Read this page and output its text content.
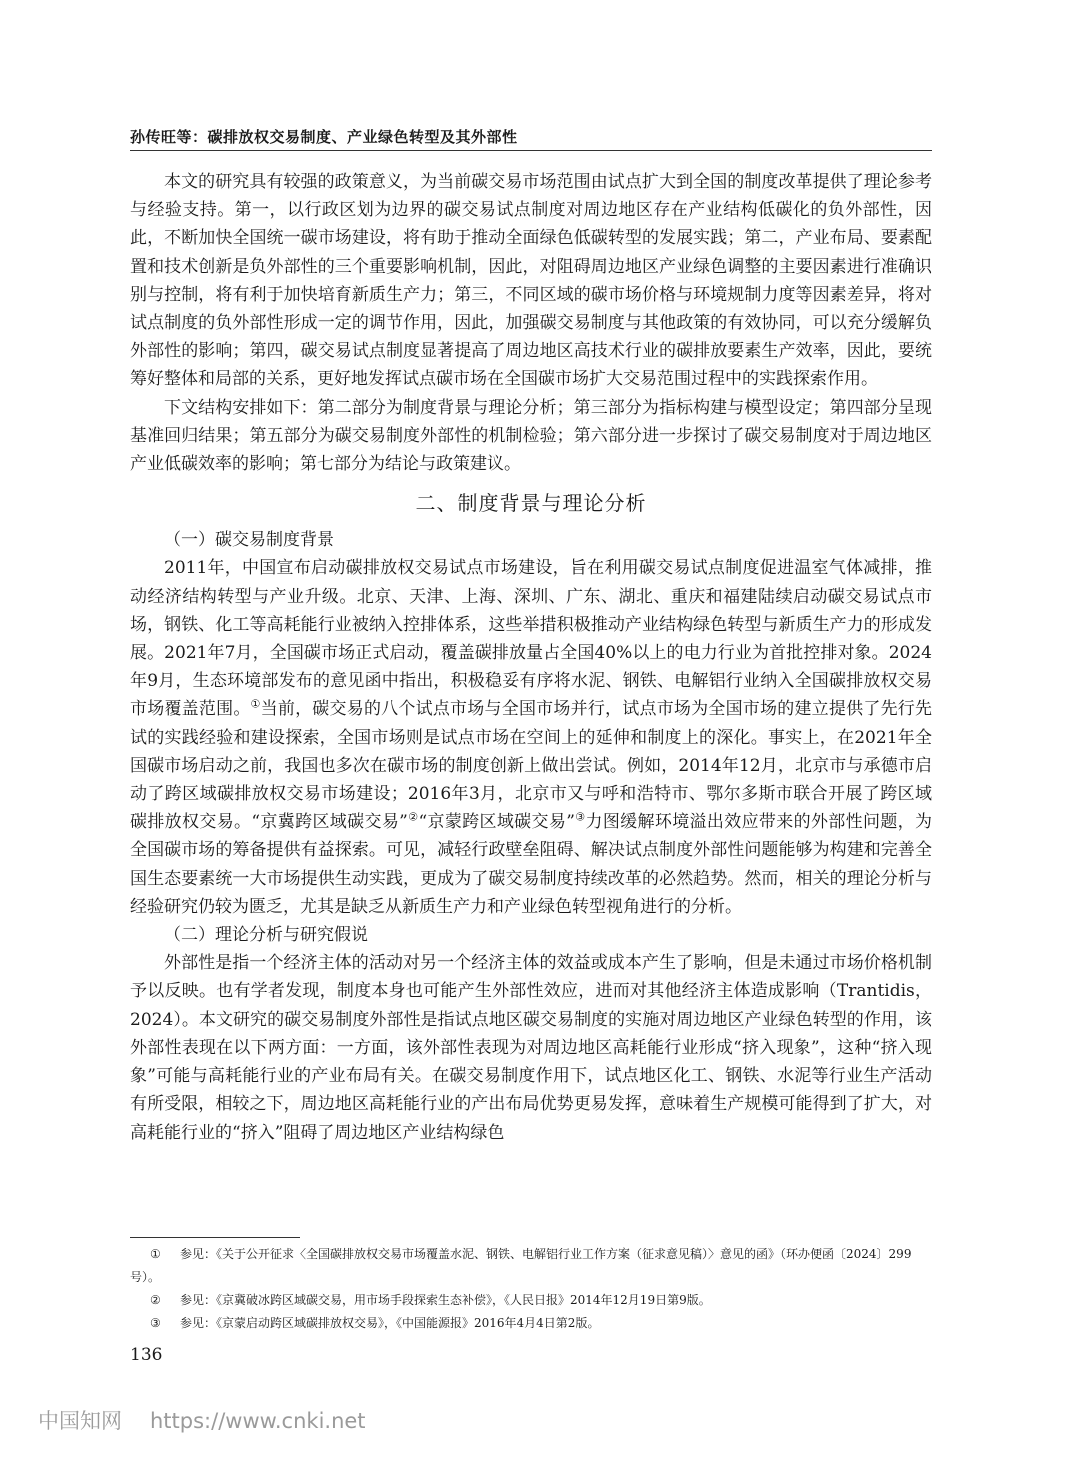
孙传旺等：碳排放权交易制度、产业绿色转型及其外部性

本文的研究具有较强的政策意义，为当前碳交易市场范围由试点扩大到全国的制度改革提供了理论参考与经验支持。第一，以行政区划为边界的碳交易试点制度对周边地区存在产业结构低碳化的负外部性，因此，不断加快全国统一碳市场建设，将有助于推动全面绿色低碳转型的发展实践；第二，产业布局、要素配置和技术创新是负外部性的三个重要影响机制，因此，对阻碍周边地区产业绿色调整的主要因素进行准确识别与控制，将有利于加快培育新质生产力；第三，不同区域的碳市场价格与环境规制力度等因素差异，将对试点制度的负外部性形成一定的调节作用，因此，加强碳交易制度与其他政策的有效协同，可以充分缓解负外部性的影响；第四，碳交易试点制度显著提高了周边地区高技术行业的碳排放要素生产效率，因此，要统筹好整体和局部的关系，更好地发挥试点碳市场在全国碳市场扩大交易范围过程中的实践探索作用。

下文结构安排如下：第二部分为制度背景与理论分析；第三部分为指标构建与模型设定；第四部分呈现基准回归结果；第五部分为碳交易制度外部性的机制检验；第六部分进一步探讨了碳交易制度对于周边地区产业低碳效率的影响；第七部分为结论与政策建议。

二、制度背景与理论分析

（一）碳交易制度背景

2011年，中国宣布启动碳排放权交易试点市场建设，旨在利用碳交易试点制度促进温室气体减排，推动经济结构转型与产业升级。北京、天津、上海、深圳、广东、湖北、重庆和福建陆续启动碳交易试点市场，钢铁、化工等高耗能行业被纳入控排体系，这些举措积极推动产业结构绿色转型与新质生产力的形成发展。2021年7月，全国碳市场正式启动，覆盖碳排放量占全国40%以上的电力行业为首批控排对象。2024年9月，生态环境部发布的意见函中指出，积极稳妥有序将水泥、钢铁、电解铝行业纳入全国碳排放权交易市场覆盖范围。①当前，碳交易的八个试点市场与全国市场并行，试点市场为全国市场的建立提供了先行先试的实践经验和建设探索，全国市场则是试点市场在空间上的延伸和制度上的深化。事实上，在2021年全国碳市场启动之前，我国也多次在碳市场的制度创新上做出尝试。例如，2014年12月，北京市与承德市启动了跨区域碳排放权交易市场建设；2016年3月，北京市又与呼和浩特市、鄂尔多斯市联合开展了跨区域碳排放权交易。“京冀跨区域碳交易”②“京蒙跨区域碳交易”③力图缓解环境溢出效应带来的外部性问题，为全国碳市场的筹备提供有益探索。可见，减轻行政壁垒阻碍、解决试点制度外部性问题能够为构建和完善全国生态要素统一大市场提供生动实践，更成为了碳交易制度持续改革的必然趋势。然而，相关的理论分析与经验研究仍较为匮乏，尤其是缺乏从新质生产力和产业绿色转型视角进行的分析。

（二）理论分析与研究假说

外部性是指一个经济主体的活动对另一个经济主体的效益或成本产生了影响，但是未通过市场价格机制予以反映。也有学者发现，制度本身也可能产生外部性效应，进而对其他经济主体造成影响（Trantidis，2024）。本文研究的碳交易制度外部性是指试点地区碳交易制度的实施对周边地区产业绿色转型的作用，该外部性表现在以下两方面：一方面，该外部性表现为对周边地区高耗能行业形成“挤入现象”，这种“挤入现象”可能与高耗能行业的产业布局有关。在碳交易制度作用下，试点地区化工、钢铁、水泥等行业生产活动有所受限，相较之下，周边地区高耗能行业的产出布局优势更易发挥，意味着生产规模可能得到了扩大，对高耗能行业的“挤入”阻碍了周边地区产业结构绿色

① 参见：《关于公开征求〈全国碳排放权交易市场覆盖水泥、钢铁、电解铝行业工作方案（征求意见稿）〉意见的函》（环办便函〔2024〕299号）。

② 参见：《京冀破冰跨区域碳交易，用市场手段探索生态补偿》，《人民日报》2014年12月19日第9版。

③ 参见：《京蒙启动跨区域碳排放权交易》，《中国能源报》2016年4月4日第2版。

136
中国知网 https://www.cnki.net
